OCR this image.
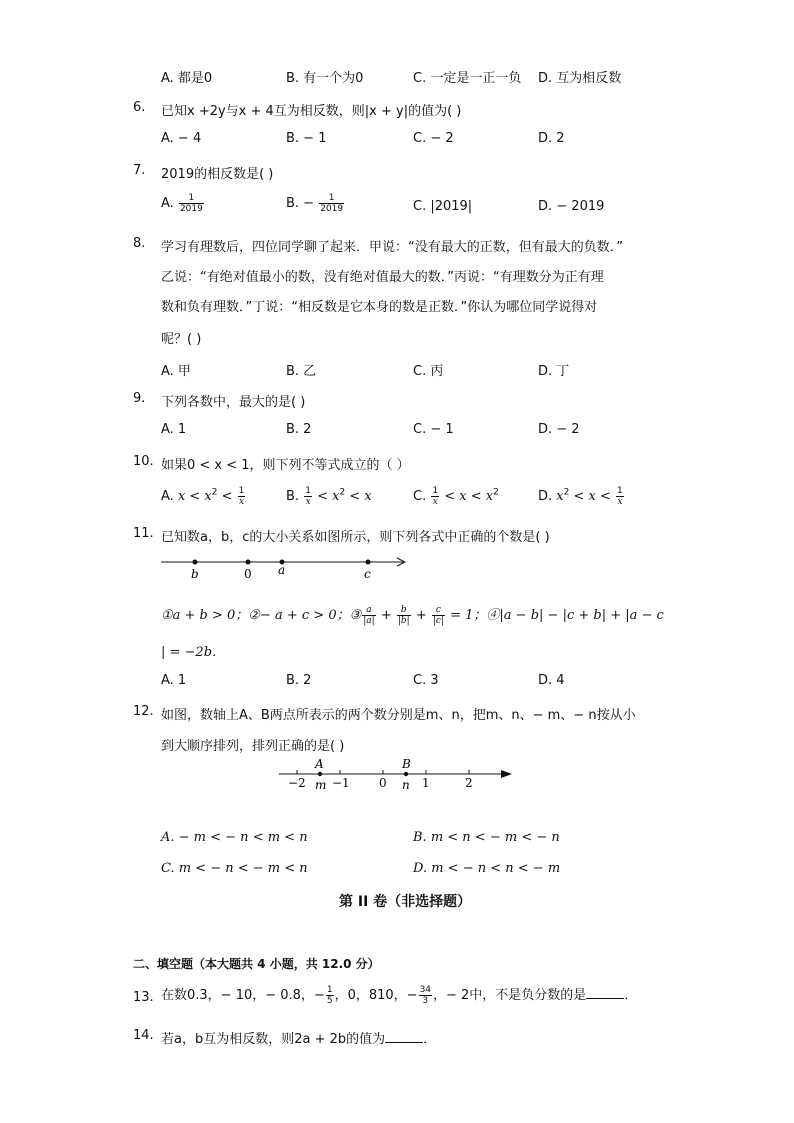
A. 都是0	B. 有一个为0	C. 一定是一正一负 D. 互为相反数
6. 已知x +2y与x + 4互为相反数，则|x + y|的值为( )
A. − 4	B. − 1	C. − 2	D. 2
7. 2019的相反数是( )
A. $\frac{1}{2019}$	B. − $\frac{1}{2019}$	C. |2019|	D. − 2019
8. 学习有理数后，四位同学聊了起来．甲说：“没有最大的正数，但有最大的负数．”
乙说：“有绝对值最小的数，没有绝对值最大的数．”丙说：“有理数分为正有理
数和负有理数．”丁说：“相反数是它本身的数是正数．”你认为哪位同学说得对
呢？( )
A. 甲	B. 乙	C. 丙	D. 丁
9. 下列各数中，最大的是( )
A. 1	B. 2	C. − 1	D. − 2
10. 如果0 < x < 1，则下列不等式成立的（ ）
A. $x < x^2 < \frac{1}{x}$	B. $\frac{1}{x} < x^2 < x$	C. $\frac{1}{x} < x < x^2$	D. $x^2 < x < \frac{1}{x}$
11. 已知数a，b，c的大小关系如图所示，则下列各式中正确的个数是( )
b	0 a	c
①a + b > 0；②− a + c > 0；③ $\frac{a}{|a|} + \frac{b}{|b|} + \frac{c}{|c|} = 1$；④|a − b| − |c + b| + |a − c
| = −2b．
A. 1	B. 2	C. 3	D. 4
12. 如图，数轴上A、B两点所表示的两个数分别是m、n，把m、n、− m、− n按从小
到大顺序排列，排列正确的是( )
A	B
−2 m −1 0 n 1	2
A. − m < − n < m < n	B. m < n < − m < − n
C. m < − n < − m < n	D. m < − n < n < − m
第 II 卷（非选择题）
二、填空题（本大题共 4 小题，共 12.0 分）
13. 在数0.3，− 10，− 0.8，− $\frac{1}{5}$ ，0，810，− $\frac{34}{3}$ ，− 2中，不是负分数的是	．
14. 若a，b互为相反数，则2a + 2b的值为	．
